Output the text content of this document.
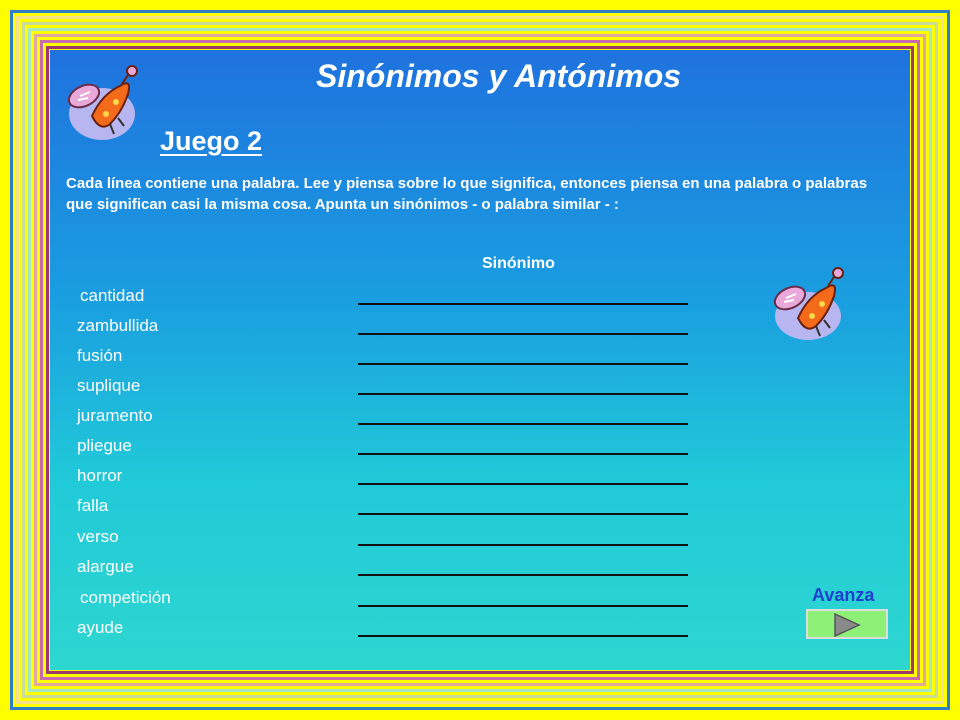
Sinónimos y Antónimos
Juego 2
Cada línea contiene una palabra. Lee y piensa sobre lo que significa, entonces piensa en una palabra o palabras que significan casi la misma cosa. Apunta un sinónimos - o palabra similar - :
Sinónimo
cantidad
zambullida
fusión
suplique
juramento
pliegue
horror
falla
verso
alargue
competición
ayude
Avanza
